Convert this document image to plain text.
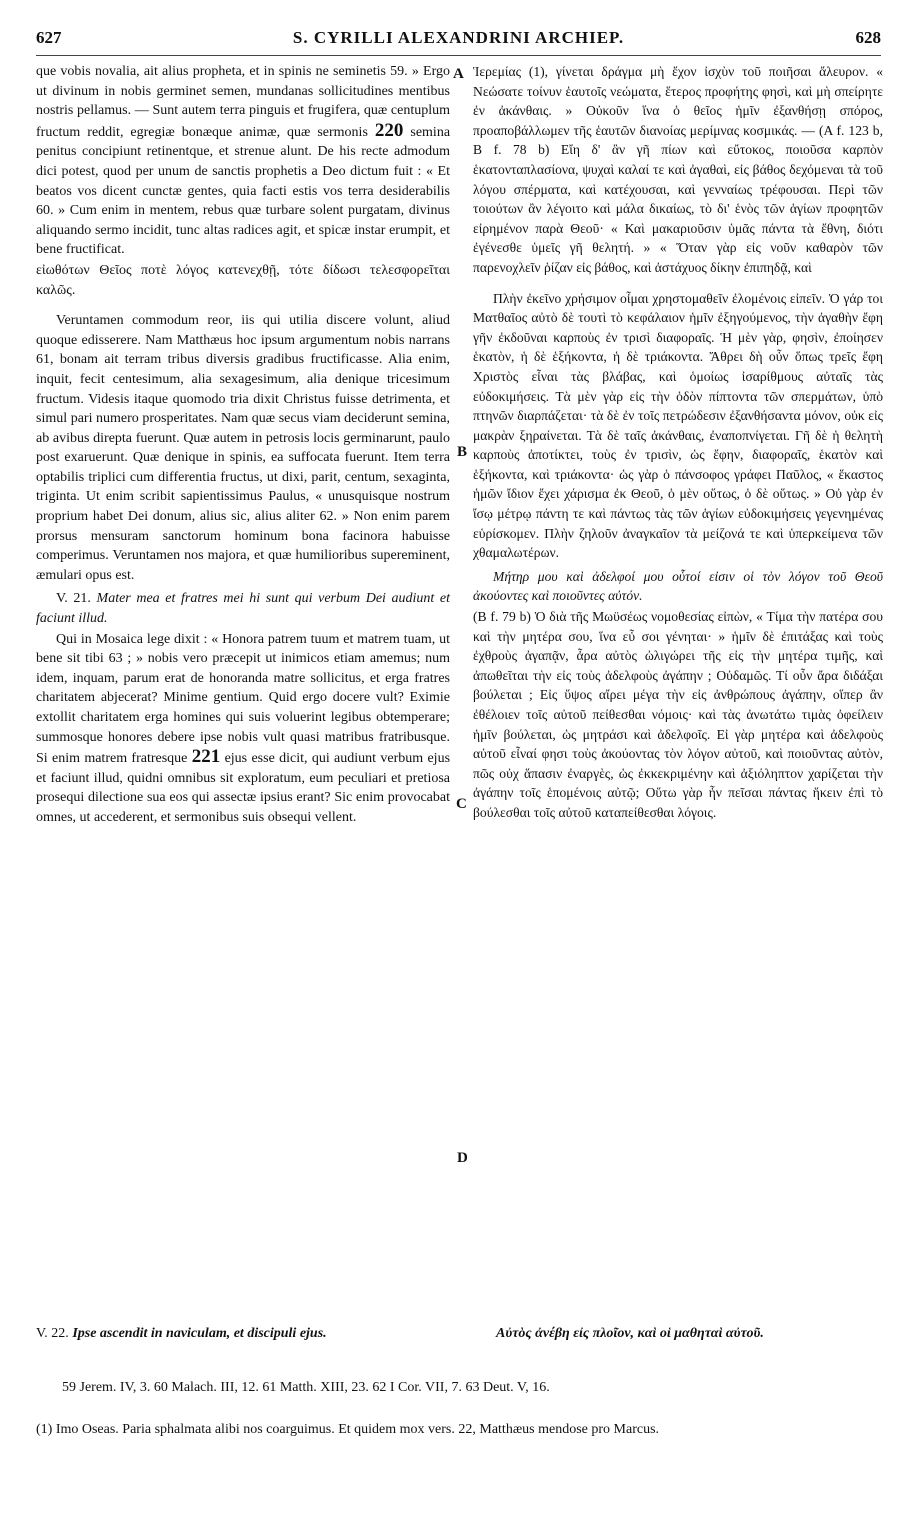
627	S. CYRILLI ALEXANDRINI ARCHIEP.	628

que vobis novalia, ait alius propheta, et in spinis ne seminetis 59. » Ergo ut divinum in nobis germinet semen, mundanas sollicitudines mentibus nostris pellamus. — Sunt autem terra pinguis et frugifera, quæ centuplum fructum reddit, egregiæ bonæque animæ, quæ sermonis 220 semina penitus concipiunt retinentque, et strenue alunt. De his recte admodum dici potest, quod per unum de sanctis prophetis a Deo dictum fuit : « Et beatos vos dicent cunctæ gentes, quia facti estis vos terra desiderabilis 60. » Cum enim in mentem, rebus quæ turbare solent purgatam, divinus aliquando sermo incidit, tunc altas radices agit, et spicæ instar erumpit, et bene fructificat.

εἰωθότων Θεῖος ποτὲ λόγος κατενεχθῇ, τότε δίδωσι τελεσφορεῖται καλῶς.

Veruntamen commodum reor, iis qui utilia discere volunt, aliud quoque edisserere. Nam Matthæus hoc ipsum argumentum nobis narrans 61, bonam ait terram tribus diversis gradibus fructificasse. Alia enim, inquit, fecit centesimum, alia sexagesimum, alia denique tricesimum fructum. Videsis itaque quomodo tria dixit Christus fuisse detrimenta, et simul pari numero prosperitates. Nam quæ secus viam deciderunt semina, ab avibus direpta fuerunt. Quæ autem in petrosis locis germinarunt, paulo post exaruerunt. Quæ denique in spinis, ea suffocata fuerunt. Item terra optabilis triplici cum differentia fructus, ut dixi, parit, centum, sexaginta, triginta. Ut enim scribit sapientissimus Paulus, « unusquisque nostrum proprium habet Dei donum, alius sic, alius aliter 62. » Non enim parem prorsus mensuram sanctorum hominum bona facinora habuisse comperimus. Veruntamen nos majora, et quæ humilioribus supereminent, æmulari opus est.

V. 21. Mater mea et fratres mei hi sunt qui verbum Dei audiunt et faciunt illud.

Qui in Mosaica lege dixit : « Honora patrem tuum et matrem tuam, ut bene sit tibi 63 ; » nobis vero præcepit ut inimicos etiam amemus; num idem, inquam, parum erat de honoranda matre sollicitus, et erga fratres charitatem abjecerat? Minime gentium. Quid ergo docere vult? Eximie extollit charitatem erga homines qui suis voluerint legibus obtemperare; summosque honores debere ipse nobis vult quasi matribus fratribusque. Si enim matrem fratresque 221 ejus esse dicit, qui audiunt verbum ejus et faciunt illud, quidni omnibus sit exploratum, eum peculiari et pretiosa prosequi dilectione sua eos qui assectæ ipsius erant? Sic enim provocabat omnes, ut accederent, et sermonibus suis obsequi vellent.

A
B
C
D

Ἱερεμίας (1), γίνεται δράγμα μὴ ἔχον ἰσχὺν τοῦ ποιῆσαι ἄλευρον. « Νεώσατε τοίνυν ἑαυτοῖς νεώματα, ἕτερος προφήτης φησὶ, καὶ μὴ σπείρητε ἐν ἀκάνθαις. » Οὐκοῦν ἵνα ὁ θεῖος ἡμῖν ἐξανθήσῃ σπόρος, προαποβάλλωμεν τῆς ἑαυτῶν διανοίας μερίμνας κοσμικάς. — (A f. 123 b, B f. 78 b) Εἴη δ' ἂν γῆ πίων καὶ εὔτοκος, ποιοῦσα καρπὸν ἑκατονταπλασίονα, ψυχαὶ καλαί τε καὶ ἀγαθαὶ, εἰς βάθος δεχόμεναι τὰ τοῦ λόγου σπέρματα, καὶ κατέχουσαι, καὶ γενναίως τρέφουσαι. Περὶ τῶν τοιούτων ἂν λέγοιτο καὶ μάλα δικαίως, τὸ δι' ἑνὸς τῶν ἁγίων προφητῶν εἰρημένον παρὰ Θεοῦ· « Καὶ μακαριοῦσιν ὑμᾶς πάντα τὰ ἔθνη, διότι ἐγένεσθε ὑμεῖς γῆ θελητή. » « Ὅταν γὰρ εἰς νοῦν καθαρὸν τῶν παρενοχλεῖν ῥίζαν εἰς βάθος, καὶ ἀστάχυος δίκην ἐπιπηδᾷ, καὶ

Πλὴν ἐκεῖνο χρήσιμον οἶμαι χρηστομαθεῖν ἐλομένοις εἰπεῖν. Ὁ γάρ τοι Ματθαῖος αὐτὸ δὲ τουτὶ τὸ κεφάλαιον ἡμῖν ἐξηγούμενος, τὴν ἀγαθὴν ἔφη γῆν ἐκδοῦναι καρποὺς ἐν τρισὶ διαφοραῖς. Ἡ μὲν γὰρ, φησὶν, ἐποίησεν ἑκατὸν, ἡ δὲ ἑξήκοντα, ἡ δὲ τριάκοντα. Ἄθρει δὴ οὖν ὅπως τρεῖς ἔφη Χριστὸς εἶναι τὰς βλάβας, καὶ ὁμοίως ἰσαρίθμους αὐταῖς τὰς εὐδοκιμήσεις. Τὰ μὲν γὰρ εἰς τὴν ὁδὸν πίπτοντα τῶν σπερμάτων, ὑπὸ πτηνῶν διαρπάζεται· τὰ δὲ ἐν τοῖς πετρώδεσιν ἐξανθήσαντα μόνον, οὐκ εἰς μακρὰν ξηραίνεται. Τὰ δὲ ταῖς ἀκάνθαις, ἐναποπνίγεται. Γῆ δὲ ἡ θελητὴ καρποὺς ἀποτίκτει, τοὺς ἐν τρισὶν, ὡς ἔφην, διαφοραῖς, ἑκατὸν καὶ ἑξήκοντα, καὶ τριάκοντα· ὡς γὰρ ὁ πάνσοφος γράφει Παῦλος, « ἕκαστος ἡμῶν ἴδιον ἔχει χάρισμα ἐκ Θεοῦ, ὁ μὲν οὕτως, ὁ δὲ οὕτως. » Οὐ γὰρ ἐν ἴσῳ μέτρῳ πάντη τε καὶ πάντως τὰς τῶν ἁγίων εὐδοκιμήσεις γεγενημένας εὑρίσκομεν. Πλὴν ζηλοῦν ἀναγκαῖον τὰ μείζονά τε καὶ ὑπερκείμενα τῶν χθαμαλωτέρων.

Μήτηρ μου καὶ ἀδελφοί μου οὗτοί εἰσιν οἱ τὸν λόγον τοῦ Θεοῦ ἀκούοντες καὶ ποιοῦντες αὐτόν.

(B f. 79 b) Ὁ διὰ τῆς Μωϋσέως νομοθεσίας εἰπὼν, « Τίμα τὴν πατέρα σου καὶ τὴν μητέρα σου, ἵνα εὖ σοι γένηται· » ἡμῖν δὲ ἐπιτάξας καὶ τοὺς ἐχθροὺς ἀγαπᾷν, ἆρα αὐτὸς ὠλιγώρει τῆς εἰς τὴν μητέρα τιμῆς, καὶ ἀπωθεῖται τὴν εἰς τοὺς ἀδελφοὺς ἀγάπην ; Οὐδαμῶς. Τί οὖν ἄρα διδάξαι βούλεται ; Εἰς ὕψος αἴρει μέγα τὴν εἰς ἀνθρώπους ἀγάπην, οἵπερ ἂν ἐθέλοιεν τοῖς αὐτοῦ πείθεσθαι νόμοις· καὶ τὰς ἀνωτάτω τιμὰς ὀφείλειν ἡμῖν βούλεται, ὡς μητράσι καὶ ἀδελφοῖς. Εἰ γὰρ μητέρα καὶ ἀδελφοὺς αὐτοῦ εἶναί φησι τοὺς ἀκούοντας τὸν λόγον αὐτοῦ, καὶ ποιοῦντας αὐτὸν, πῶς οὐχ ἅπασιν ἐναργὲς, ὡς ἐκκεκριμένην καὶ ἀξιόληπτον χαρίζεται τὴν ἀγάπην τοῖς ἑπομένοις αὐτῷ; Οὕτω γὰρ ἦν πεῖσαι πάντας ἥκειν ἐπὶ τὸ βούλεσθαι τοῖς αὐτοῦ καταπείθεσθαι λόγοις.

V. 22. Ipse ascendit in naviculam, et discipuli ejus.	Αὐτὸς ἀνέβη εἰς πλοῖον, καὶ οἱ μαθηταὶ αὐτοῦ.
59 Jerem. IV, 3. 60 Malach. III, 12. 61 Matth. XIII, 23. 62 I Cor. VII, 7. 63 Deut. V, 16.
(1) Imo Oseas. Paria sphalmata alibi nos coarguimus. Et quidem mox vers. 22, Matthæus mendose pro Marcus.
